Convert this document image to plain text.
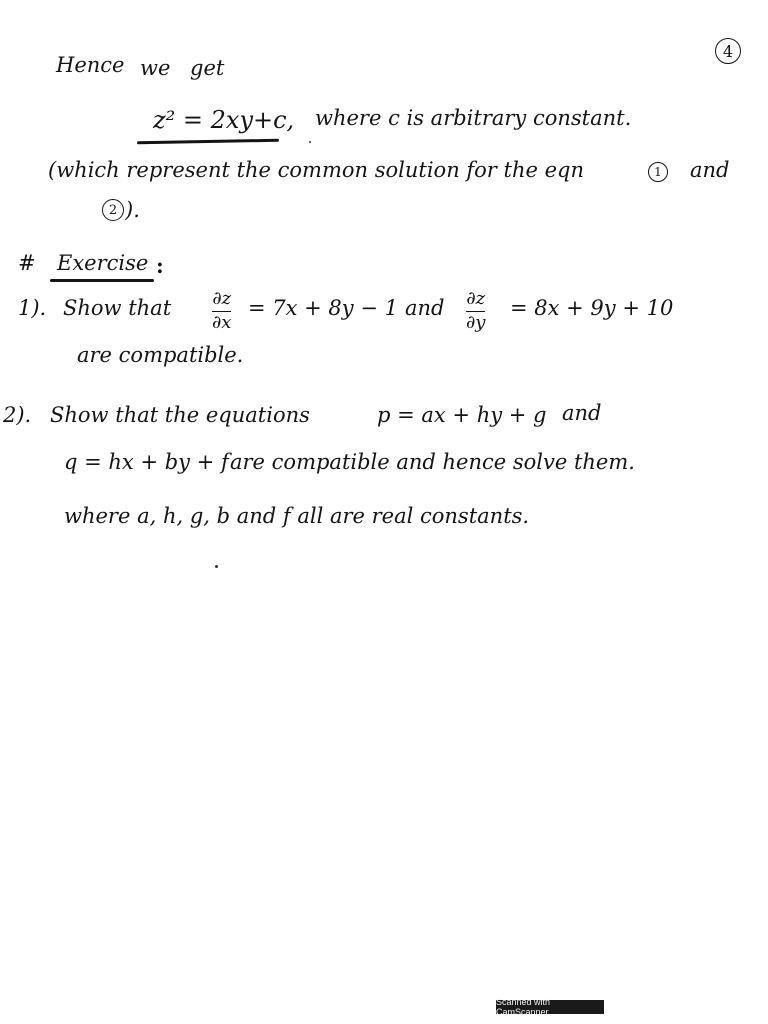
4
Hence we get
z² = 2xy+c, where c is arbitrary constant.
(which represent the common solution for the eqn	1 and
2 ).
# Exercise :
1). Show that ∂z
∂x
= 7x + 8y − 1 and ∂z
∂y
= 8x + 9y + 10
are compatible.
2). Show that the equations	p = ax + hy + g and
q = hx + by + f are compatible and hence solve them.
where a, h, g, b and f all are real constants.
Scanned with CamScanner
